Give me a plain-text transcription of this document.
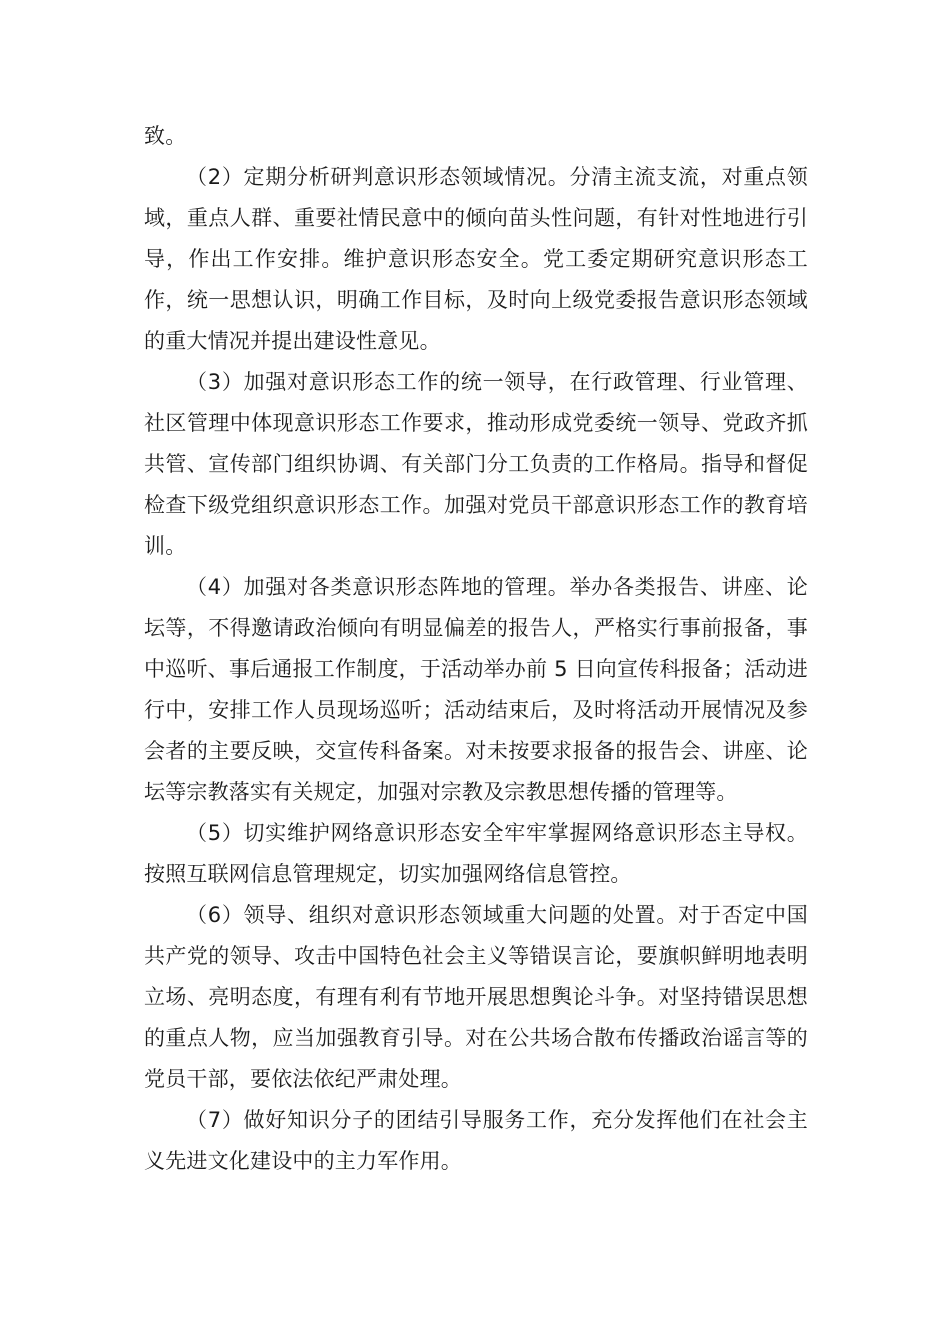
致。

（2）定期分析研判意识形态领域情况。分清主流支流，对重点领域，重点人群、重要社情民意中的倾向苗头性问题，有针对性地进行引导，作出工作安排。维护意识形态安全。党工委定期研究意识形态工作，统一思想认识，明确工作目标，及时向上级党委报告意识形态领域的重大情况并提出建设性意见。

（3）加强对意识形态工作的统一领导，在行政管理、行业管理、社区管理中体现意识形态工作要求，推动形成党委统一领导、党政齐抓共管、宣传部门组织协调、有关部门分工负责的工作格局。指导和督促检查下级党组织意识形态工作。加强对党员干部意识形态工作的教育培训。

（4）加强对各类意识形态阵地的管理。举办各类报告、讲座、论坛等，不得邀请政治倾向有明显偏差的报告人，严格实行事前报备，事中巡听、事后通报工作制度，于活动举办前 5 日向宣传科报备；活动进行中，安排工作人员现场巡听；活动结束后，及时将活动开展情况及参会者的主要反映，交宣传科备案。对未按要求报备的报告会、讲座、论坛等宗教落实有关规定，加强对宗教及宗教思想传播的管理等。

（5）切实维护网络意识形态安全牢牢掌握网络意识形态主导权。按照互联网信息管理规定，切实加强网络信息管控。

（6）领导、组织对意识形态领域重大问题的处置。对于否定中国共产党的领导、攻击中国特色社会主义等错误言论，要旗帜鲜明地表明立场、亮明态度，有理有利有节地开展思想舆论斗争。对坚持错误思想的重点人物，应当加强教育引导。对在公共场合散布传播政治谣言等的党员干部，要依法依纪严肃处理。

（7）做好知识分子的团结引导服务工作，充分发挥他们在社会主义先进文化建设中的主力军作用。
